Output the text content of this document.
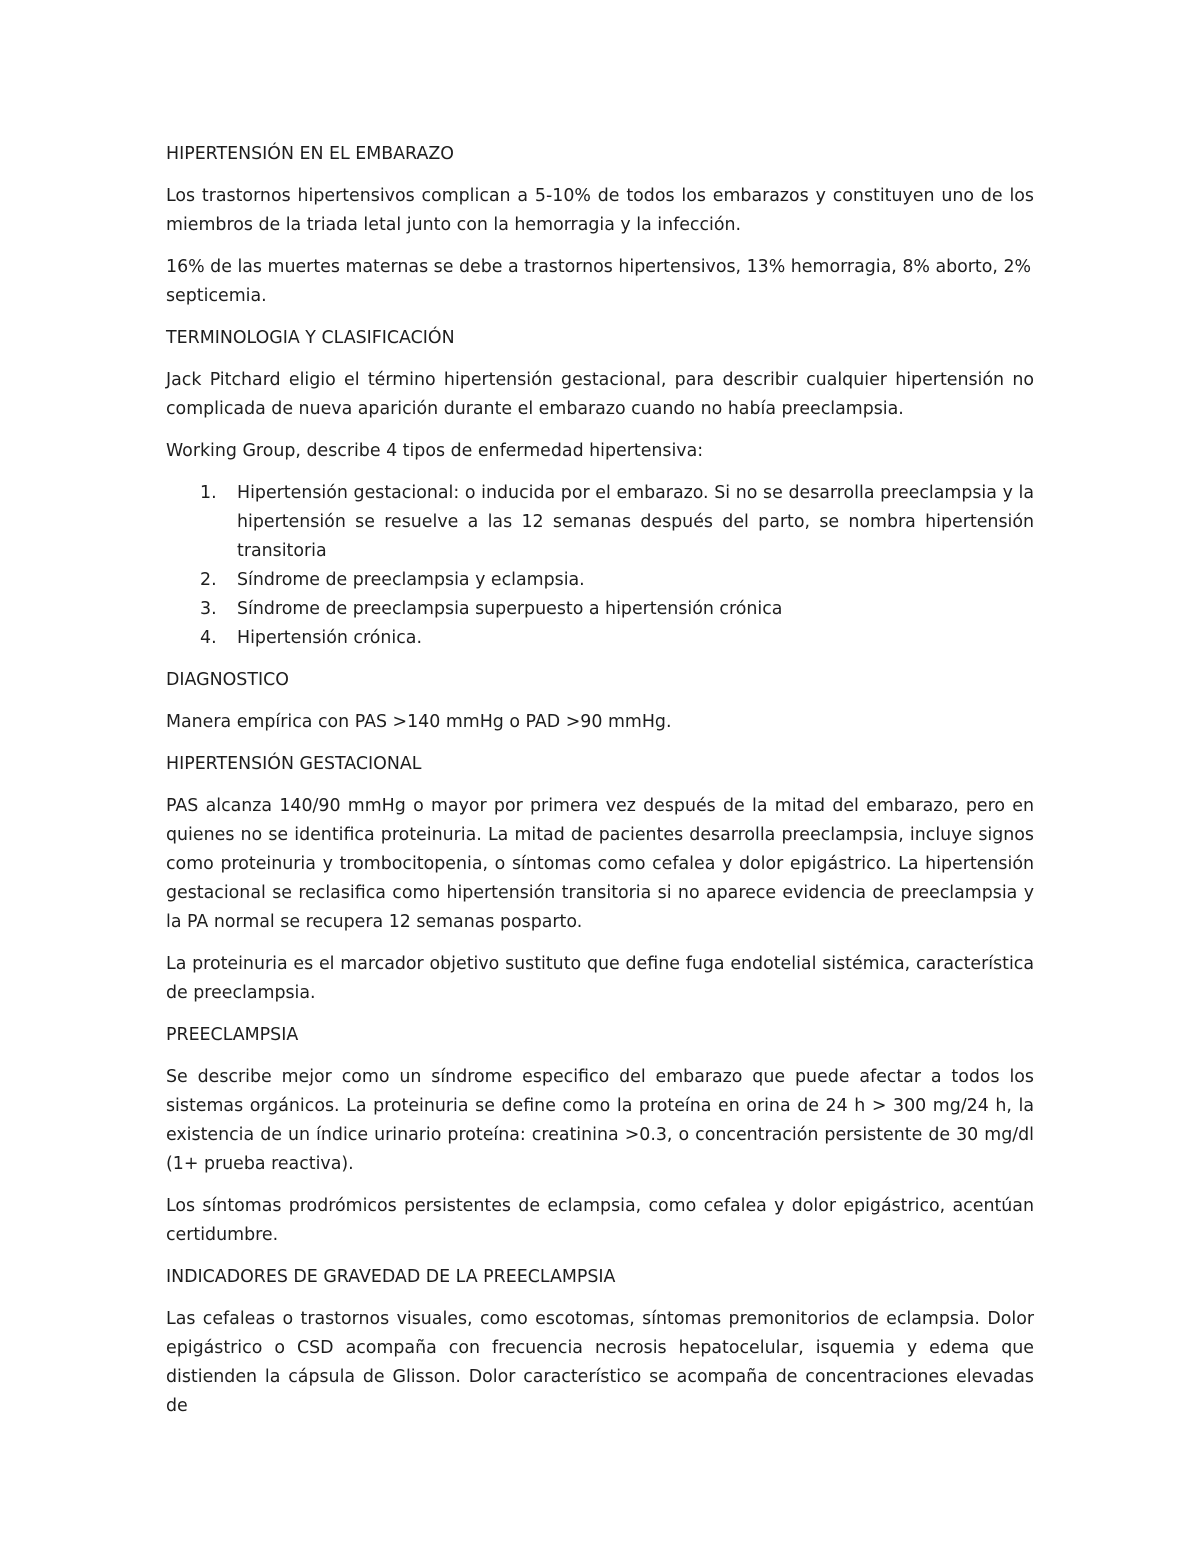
HIPERTENSIÓN EN EL EMBARAZO

Los trastornos hipertensivos complican a 5-10% de todos los embarazos y constituyen uno de los miembros de la triada letal junto con la hemorragia y la infección.

16% de las muertes maternas se debe a trastornos hipertensivos, 13% hemorragia, 8% aborto, 2% septicemia.

TERMINOLOGIA Y CLASIFICACIÓN

Jack Pitchard eligio el término hipertensión gestacional, para describir cualquier hipertensión no complicada de nueva aparición durante el embarazo cuando no había preeclampsia.

Working Group, describe 4 tipos de enfermedad hipertensiva:

1. Hipertensión gestacional: o inducida por el embarazo. Si no se desarrolla preeclampsia y la hipertensión se resuelve a las 12 semanas después del parto, se nombra hipertensión transitoria
2. Síndrome de preeclampsia y eclampsia.
3. Síndrome de preeclampsia superpuesto a hipertensión crónica
4. Hipertensión crónica.

DIAGNOSTICO

Manera empírica con PAS >140 mmHg o PAD >90 mmHg.

HIPERTENSIÓN GESTACIONAL

PAS alcanza 140/90 mmHg o mayor por primera vez después de la mitad del embarazo, pero en quienes no se identifica proteinuria. La mitad de pacientes desarrolla preeclampsia, incluye signos como proteinuria y trombocitopenia, o síntomas como cefalea y dolor epigástrico. La hipertensión gestacional se reclasifica como hipertensión transitoria si no aparece evidencia de preeclampsia y la PA normal se recupera 12 semanas posparto.

La proteinuria es el marcador objetivo sustituto que define fuga endotelial sistémica, característica de preeclampsia.

PREECLAMPSIA

Se describe mejor como un síndrome especifico del embarazo que puede afectar a todos los sistemas orgánicos. La proteinuria se define como la proteína en orina de 24 h > 300 mg/24 h, la existencia de un índice urinario proteína: creatinina >0.3, o concentración persistente de 30 mg/dl (1+ prueba reactiva).

Los síntomas prodrómicos persistentes de eclampsia, como cefalea y dolor epigástrico, acentúan certidumbre.

INDICADORES DE GRAVEDAD DE LA PREECLAMPSIA

Las cefaleas o trastornos visuales, como escotomas, síntomas premonitorios de eclampsia. Dolor epigástrico o CSD acompaña con frecuencia necrosis hepatocelular, isquemia y edema que distienden la cápsula de Glisson. Dolor característico se acompaña de concentraciones elevadas de
